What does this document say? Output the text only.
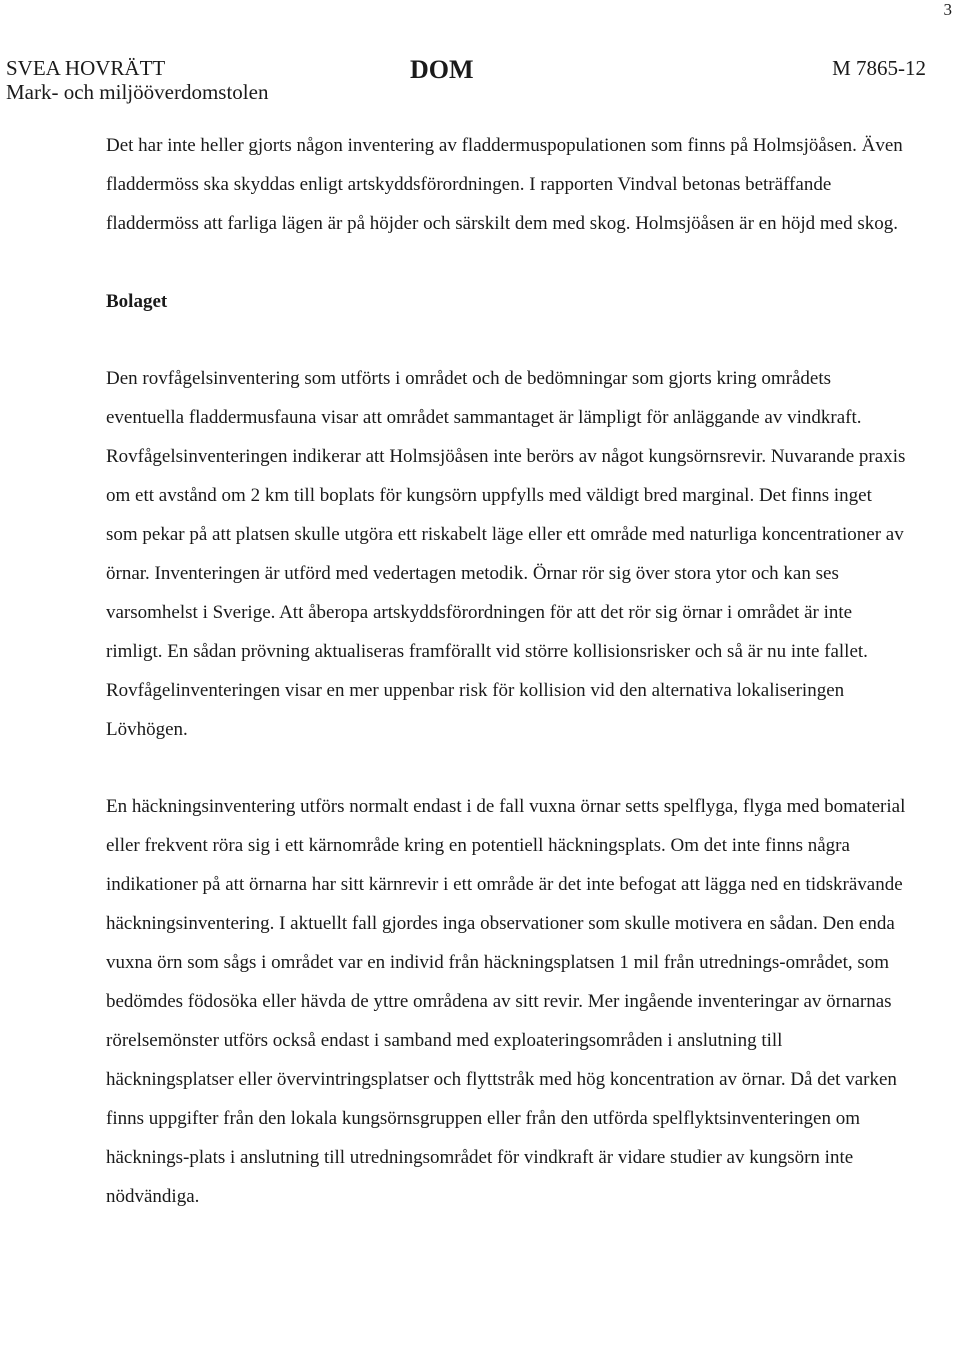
3
SVEA HOVRÄTT
Mark- och miljööverdomstolen
DOM	M 7865-12

Det har inte heller gjorts någon inventering av fladdermuspopulationen som finns på Holmsjöåsen. Även fladdermöss ska skyddas enligt artskyddsförordningen. I rapporten Vindval betonas beträffande fladdermöss att farliga lägen är på höjder och särskilt dem med skog. Holmsjöåsen är en höjd med skog.

Bolaget

Den rovfågelsinventering som utförts i området och de bedömningar som gjorts kring områdets eventuella fladdermusfauna visar att området sammantaget är lämpligt för anläggande av vindkraft. Rovfågelsinventeringen indikerar att Holmsjöåsen inte berörs av något kungsörnsrevir. Nuvarande praxis om ett avstånd om 2 km till boplats för kungsörn uppfylls med väldigt bred marginal. Det finns inget som pekar på att platsen skulle utgöra ett riskabelt läge eller ett område med naturliga koncentrationer av örnar. Inventeringen är utförd med vedertagen metodik. Örnar rör sig över stora ytor och kan ses varsomhelst i Sverige. Att åberopa artskyddsförordningen för att det rör sig örnar i området är inte rimligt. En sådan prövning aktualiseras framförallt vid större kollisionsrisker och så är nu inte fallet. Rovfågelinventeringen visar en mer uppenbar risk för kollision vid den alternativa lokaliseringen Lövhögen.

En häckningsinventering utförs normalt endast i de fall vuxna örnar setts spelflyga, flyga med bomaterial eller frekvent röra sig i ett kärnområde kring en potentiell häckningsplats. Om det inte finns några indikationer på att örnarna har sitt kärnrevir i ett område är det inte befogat att lägga ned en tidskrävande häckningsinventering. I aktuellt fall gjordes inga observationer som skulle motivera en sådan. Den enda vuxna örn som sågs i området var en individ från häckningsplatsen 1 mil från utrednings-området, som bedömdes födosöka eller hävda de yttre områdena av sitt revir. Mer ingående inventeringar av örnarnas rörelsemönster utförs också endast i samband med exploateringsområden i anslutning till häckningsplatser eller övervintringsplatser och flyttstråk med hög koncentration av örnar. Då det varken finns uppgifter från den lokala kungsörnsgruppen eller från den utförda spelflyktsinventeringen om häcknings-plats i anslutning till utredningsområdet för vindkraft är vidare studier av kungsörn inte nödvändiga.
